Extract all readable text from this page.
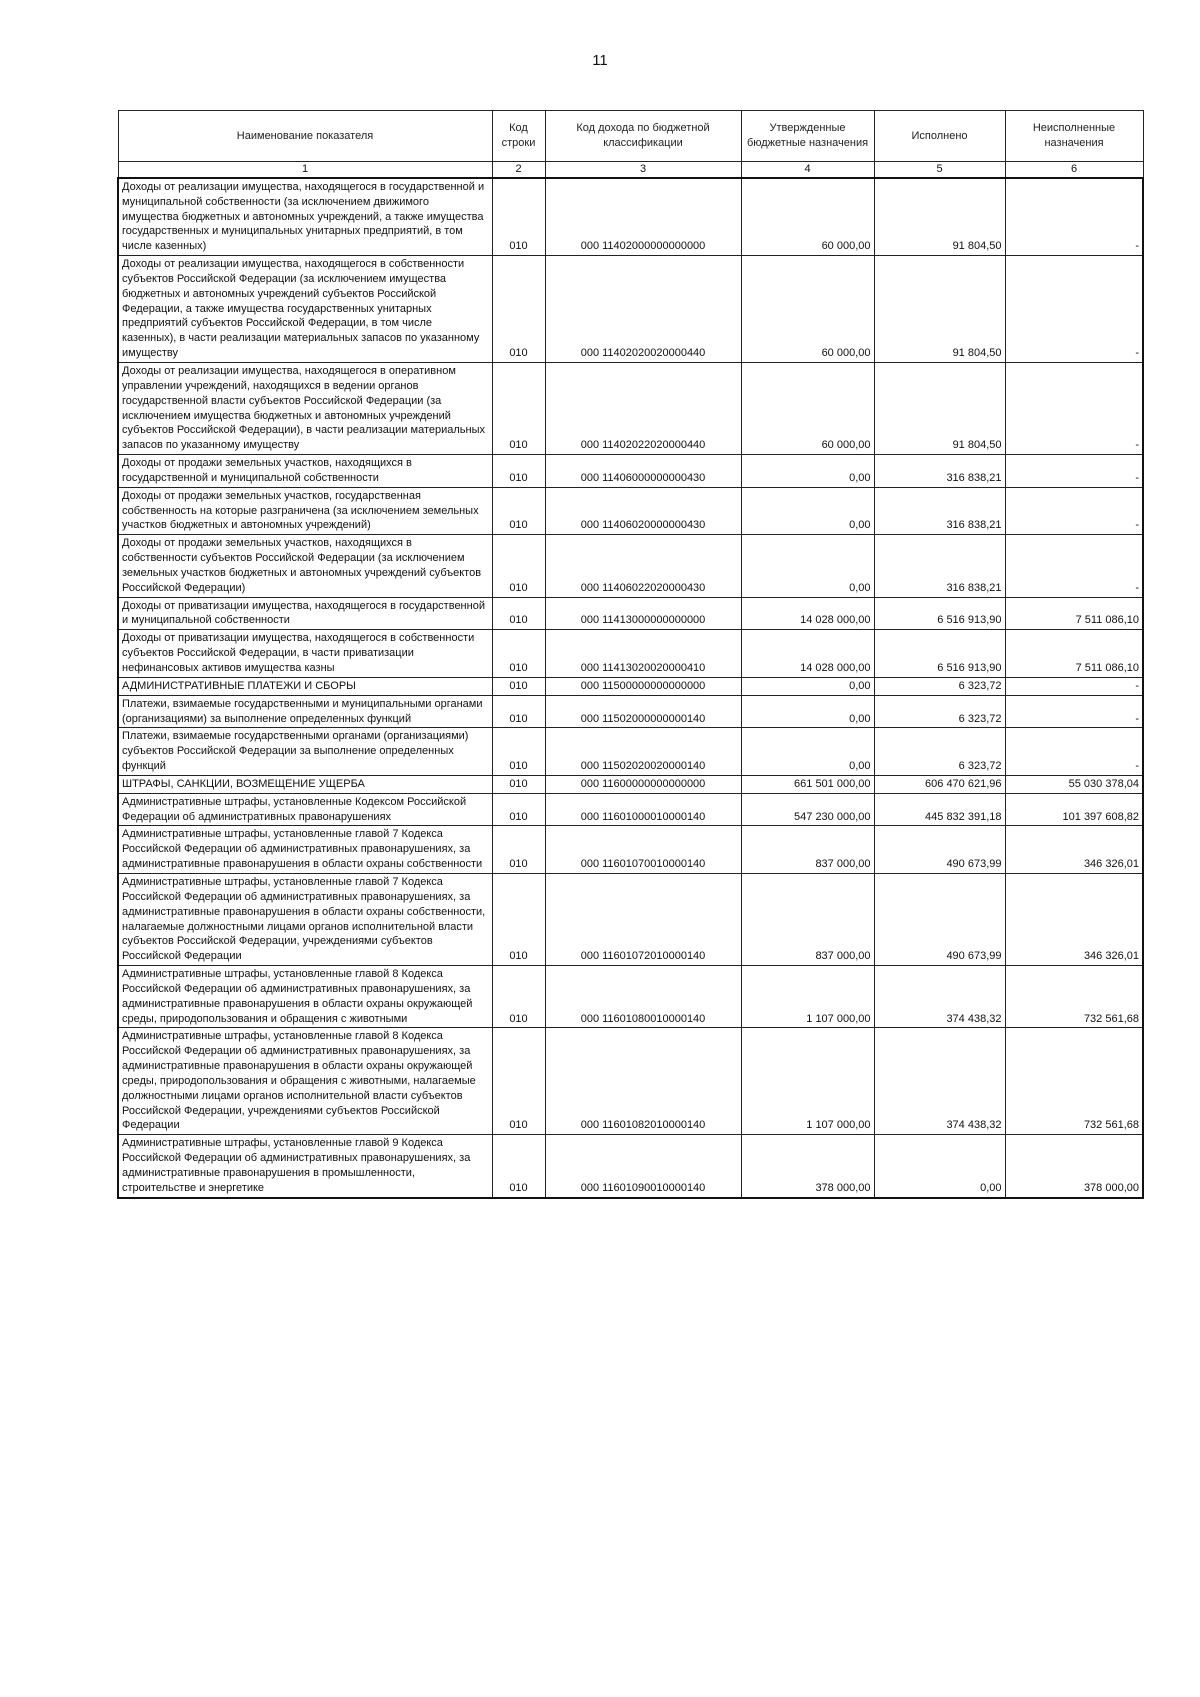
11
Наименование показателя	Код строки	Код дохода по бюджетной классификации	Утвержденные бюджетные назначения	Исполнено	Неисполненные назначения
1	2	3	4	5	6
Доходы от реализации имущества, находящегося в государственной и муниципальной собственности (за исключением движимого имущества бюджетных и автономных учреждений, а также имущества государственных и муниципальных унитарных предприятий, в том числе казенных)	010	000 11402000000000000	60 000,00	91 804,50	-
Доходы от реализации имущества, находящегося в собственности субъектов Российской Федерации (за исключением имущества бюджетных и автономных учреждений субъектов Российской Федерации, а также имущества государственных унитарных предприятий субъектов Российской Федерации, в том числе казенных), в части реализации материальных запасов по указанному имуществу	010	000 11402020020000440	60 000,00	91 804,50	-
Доходы от реализации имущества, находящегося в оперативном управлении учреждений, находящихся в ведении органов государственной власти субъектов Российской Федерации (за исключением имущества бюджетных и автономных учреждений субъектов Российской Федерации), в части реализации материальных запасов по указанному имуществу	010	000 11402022020000440	60 000,00	91 804,50	-
Доходы от продажи земельных участков, находящихся в государственной и муниципальной собственности	010	000 11406000000000430	0,00	316 838,21	-
Доходы от продажи земельных участков, государственная собственность на которые разграничена (за исключением земельных участков бюджетных и автономных учреждений)	010	000 11406020000000430	0,00	316 838,21	-
Доходы от продажи земельных участков, находящихся в собственности субъектов Российской Федерации (за исключением земельных участков бюджетных и автономных учреждений субъектов Российской Федерации)	010	000 11406022020000430	0,00	316 838,21	-
Доходы от приватизации имущества, находящегося в государственной и муниципальной собственности	010	000 11413000000000000	14 028 000,00	6 516 913,90	7 511 086,10
Доходы от приватизации имущества, находящегося в собственности субъектов Российской Федерации, в части приватизации нефинансовых активов имущества казны	010	000 11413020020000410	14 028 000,00	6 516 913,90	7 511 086,10
АДМИНИСТРАТИВНЫЕ ПЛАТЕЖИ И СБОРЫ	010	000 11500000000000000	0,00	6 323,72	-
Платежи, взимаемые государственными и муниципальными органами (организациями) за выполнение определенных функций	010	000 11502000000000140	0,00	6 323,72	-
Платежи, взимаемые государственными органами (организациями) субъектов Российской Федерации за выполнение определенных функций	010	000 11502020020000140	0,00	6 323,72	-
ШТРАФЫ, САНКЦИИ, ВОЗМЕЩЕНИЕ УЩЕРБА	010	000 11600000000000000	661 501 000,00	606 470 621,96	55 030 378,04
Административные штрафы, установленные Кодексом Российской Федерации об административных правонарушениях	010	000 11601000010000140	547 230 000,00	445 832 391,18	101 397 608,82
Административные штрафы, установленные главой 7 Кодекса Российской Федерации об административных правонарушениях, за административные правонарушения в области охраны собственности	010	000 11601070010000140	837 000,00	490 673,99	346 326,01
Административные штрафы, установленные главой 7 Кодекса Российской Федерации об административных правонарушениях, за административные правонарушения в области охраны собственности, налагаемые должностными лицами органов исполнительной власти субъектов Российской Федерации, учреждениями субъектов Российской Федерации	010	000 11601072010000140	837 000,00	490 673,99	346 326,01
Административные штрафы, установленные главой 8 Кодекса Российской Федерации об административных правонарушениях, за административные правонарушения в области охраны окружающей среды, природопользования и обращения с животными	010	000 11601080010000140	1 107 000,00	374 438,32	732 561,68
Административные штрафы, установленные главой 8 Кодекса Российской Федерации об административных правонарушениях, за административные правонарушения в области охраны окружающей среды, природопользования и обращения с животными, налагаемые должностными лицами органов исполнительной власти субъектов Российской Федерации, учреждениями субъектов Российской Федерации	010	000 11601082010000140	1 107 000,00	374 438,32	732 561,68
Административные штрафы, установленные главой 9 Кодекса Российской Федерации об административных правонарушениях, за административные правонарушения в промышленности, строительстве и энергетике	010	000 11601090010000140	378 000,00	0,00	378 000,00
